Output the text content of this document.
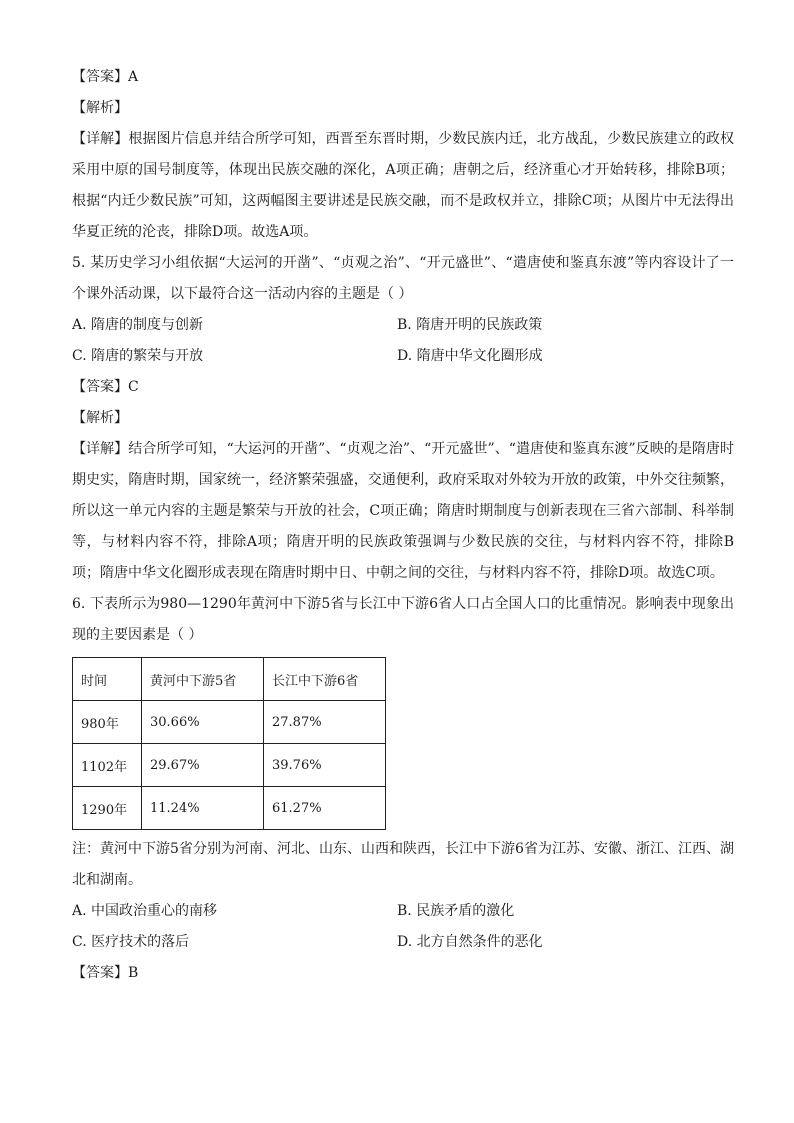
【答案】A
【解析】
【详解】根据图片信息并结合所学可知，西晋至东晋时期，少数民族内迁，北方战乱，少数民族建立的政权采用中原的国号制度等，体现出民族交融的深化，A项正确；唐朝之后，经济重心才开始转移，排除B项；根据“内迁少数民族”可知，这两幅图主要讲述是民族交融，而不是政权并立，排除C项；从图片中无法得出华夏正统的沦丧，排除D项。故选A项。
5. 某历史学习小组依据“大运河的开凿”、“贞观之治”、“开元盛世”、“遣唐使和鉴真东渡”等内容设计了一个课外活动课，以下最符合这一活动内容的主题是（ ）
A. 隋唐的制度与创新	B. 隋唐开明的民族政策
C. 隋唐的繁荣与开放	D. 隋唐中华文化圈形成
【答案】C
【解析】
【详解】结合所学可知，“大运河的开凿”、“贞观之治”、“开元盛世”、“遣唐使和鉴真东渡”反映的是隋唐时期史实，隋唐时期，国家统一，经济繁荣强盛，交通便利，政府采取对外较为开放的政策，中外交往频繁，所以这一单元内容的主题是繁荣与开放的社会，C项正确；隋唐时期制度与创新表现在三省六部制、科举制等，与材料内容不符，排除A项；隋唐开明的民族政策强调与少数民族的交往，与材料内容不符，排除B项；隋唐中华文化圈形成表现在隋唐时期中日、中朝之间的交往，与材料内容不符，排除D项。故选C项。
6. 下表所示为980—1290年黄河中下游5省与长江中下游6省人口占全国人口的比重情况。影响表中现象出现的主要因素是（ ）
时间	黄河中下游5省	长江中下游6省
980年	30.66%	27.87%
1102年	29.67%	39.76%
1290年	11.24%	61.27%
注：黄河中下游5省分别为河南、河北、山东、山西和陕西，长江中下游6省为江苏、安徽、浙江、江西、湖北和湖南。
A. 中国政治重心的南移	B. 民族矛盾的激化
C. 医疗技术的落后	D. 北方自然条件的恶化
【答案】B
